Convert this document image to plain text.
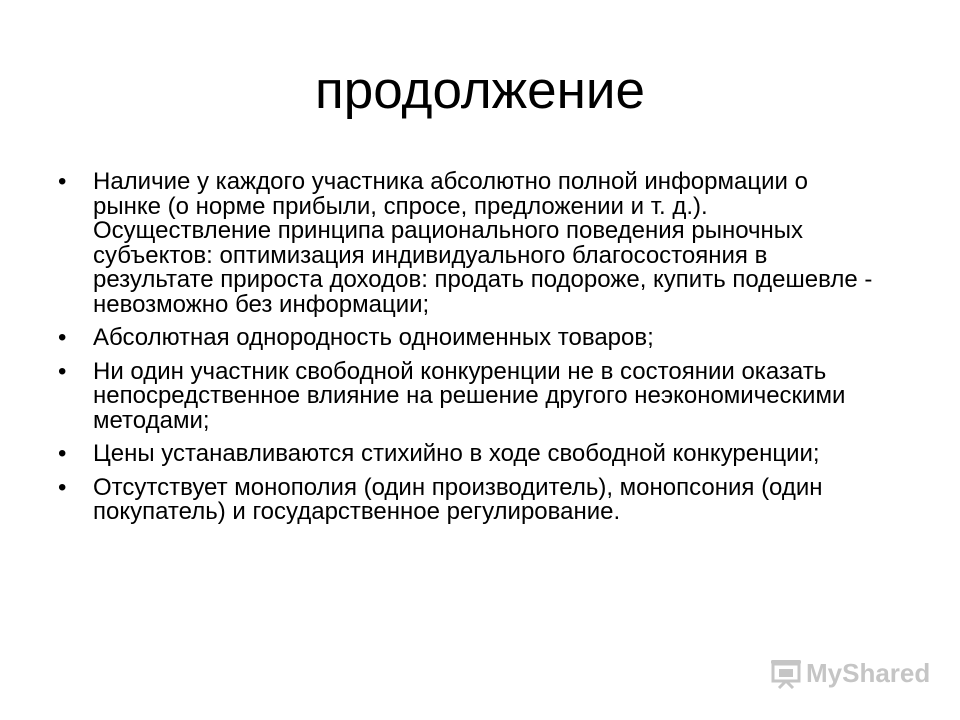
продолжение
•	Наличие у каждого участника абсолютно полной информации о рынке (о норме прибыли, спросе, предложении и т. д.). Осуществление принципа рационального поведения рыночных субъектов: оптимизация индивидуального благосостояния в результате прироста доходов: продать подороже, купить подешевле - невозможно без информации;
•	Абсолютная однородность одноименных товаров;
•	Ни один участник свободной конкуренции не в состоянии оказать непосредственное влияние на решение другого неэкономическими методами;
•	Цены устанавливаются стихийно в ходе свободной конкуренции;
•	Отсутствует монополия (один производитель), монопсония (один покупатель) и государственное регулирование.
MyShared
